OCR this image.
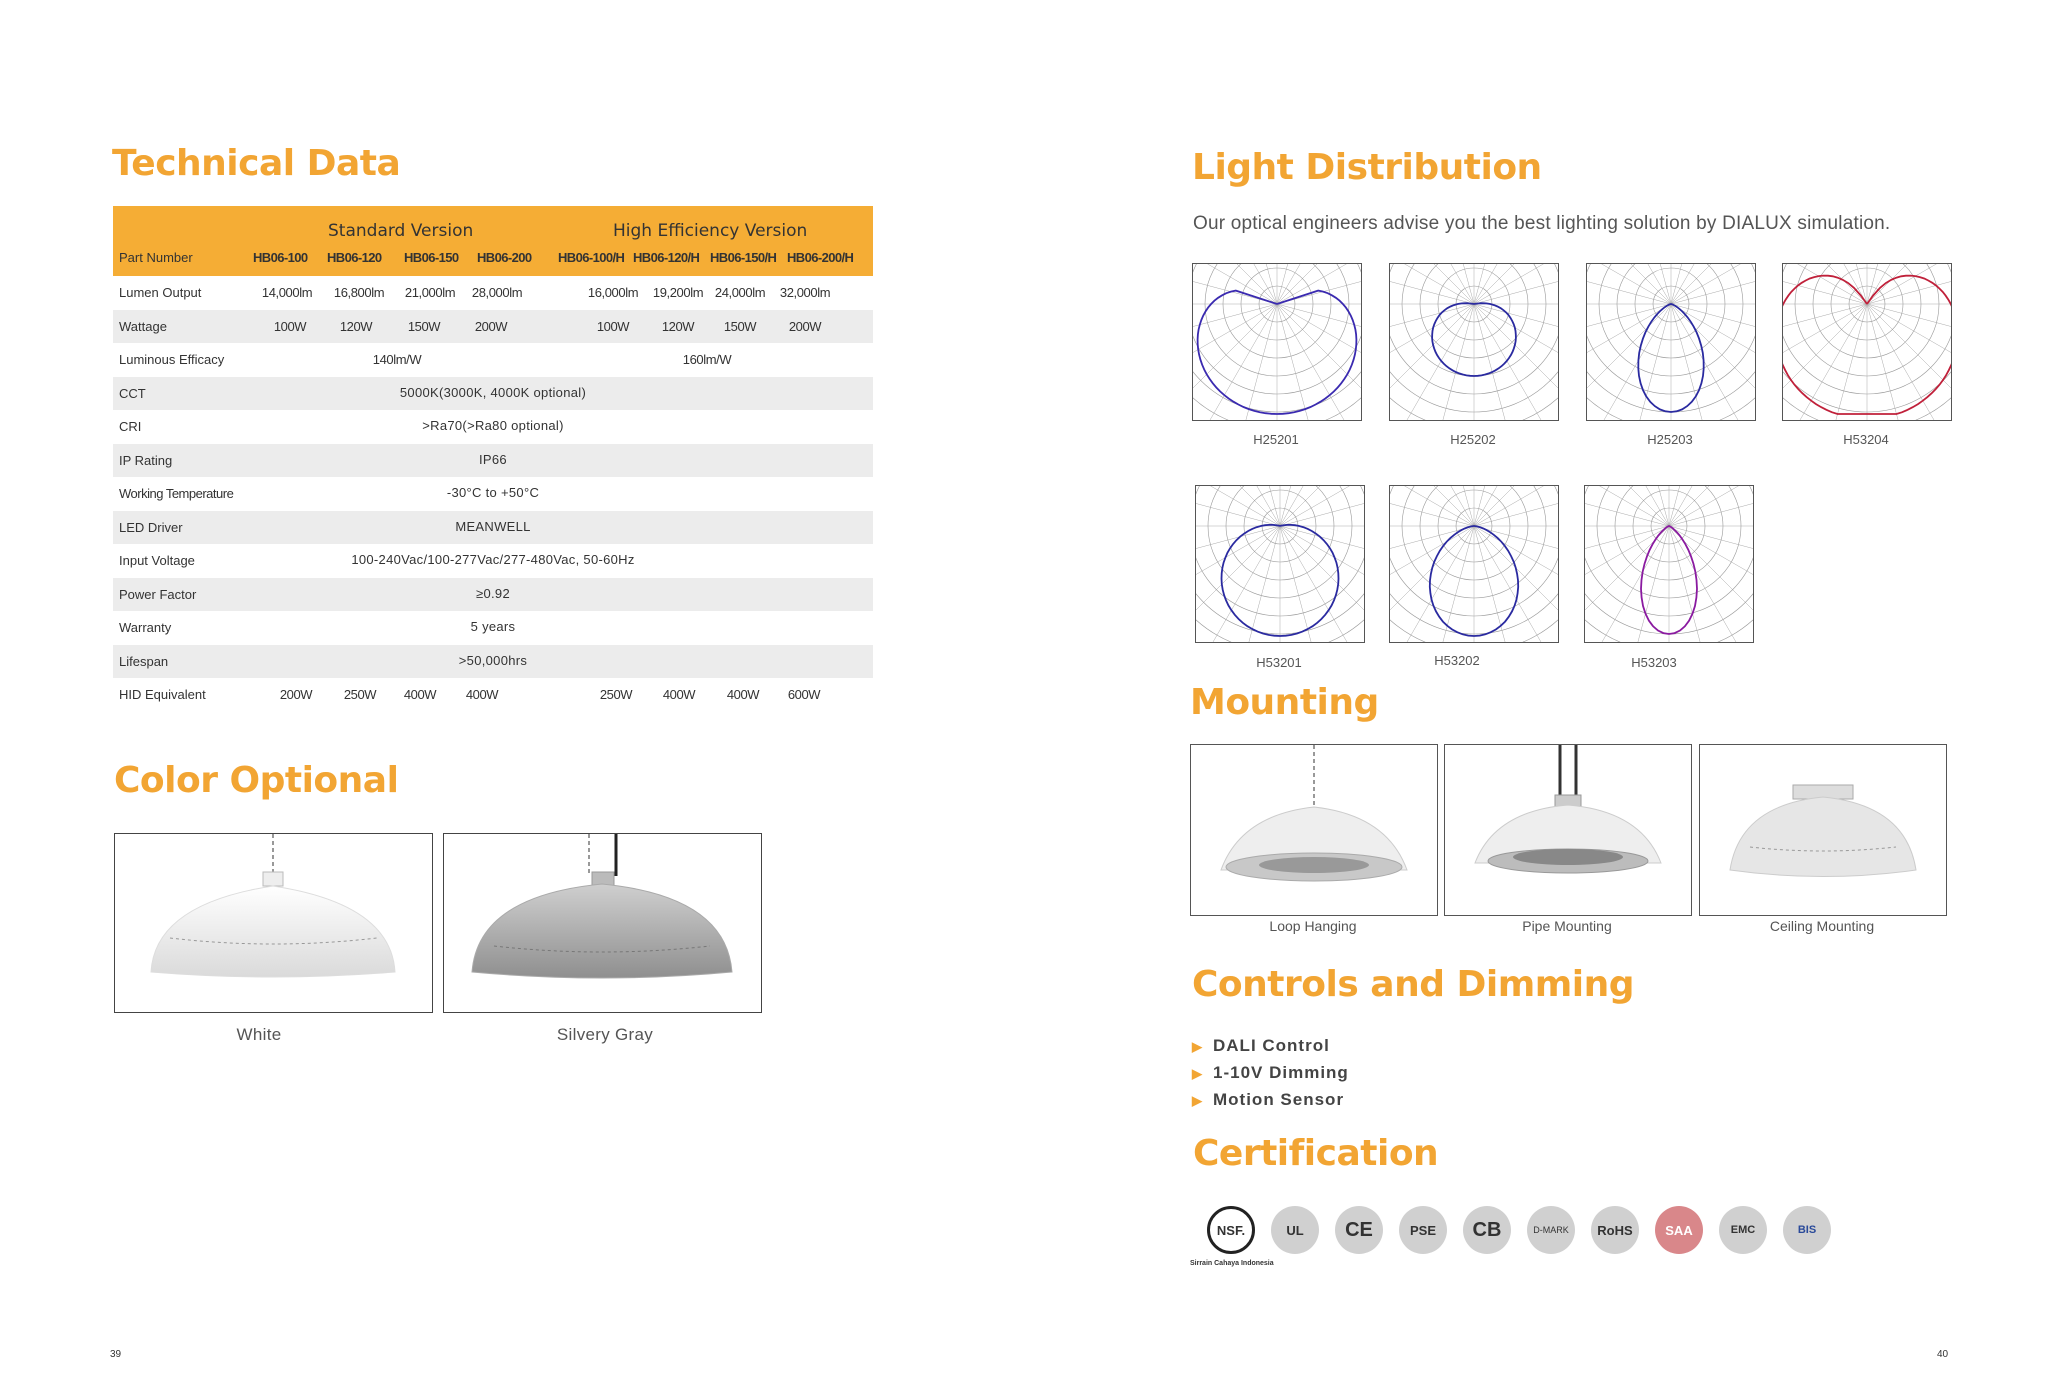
Technical Data
Standard Version	High Efficiency Version
Part Number	HB06-100 HB06-120 HB06-150 HB06-200 HB06-100/H HB06-120/H HB06-150/H HB06-200/H
Lumen Output	14,000lm 16,800lm 21,000lm 28,000lm	16,000lm 19,200lm 24,000lm 32,000lm
Wattage	100W	120W	150W	200W	100W	120W 150W	200W
Luminous Efficacy	140lm/W	160lm/W
CCT	5000K(3000K, 4000K optional)
CRI	>Ra70(>Ra80 optional)
IP Rating	IP66
Working Temperature	-30°C to +50°C
LED Driver	MEANWELL
Input Voltage	100-240Vac/100-277Vac/277-480Vac, 50-60Hz
Power Factor	≥0.92
Warranty	5 years
Lifespan	>50,000hrs
HID Equivalent	200W 250W 400W 400W	250W 400W 400W 600W
Color Optional
White	Silvery Gray
39
Light Distribution
Our optical engineers advise you the best lighting solution by DIALUX simulation.
H25201	H25202	H25203	H53204
H53201	H53202	H53203
Mounting
Loop Hanging	Pipe Mounting	Ceiling Mounting
Controls and Dimming
▶ DALI Control
▶ 1-10V Dimming
▶ Motion Sensor
Certification
NSF.	UL CE	PSE CB	D-MARK RoHS	SAA	EMC	BIS
Sirrain Cahaya Indonesia
40
